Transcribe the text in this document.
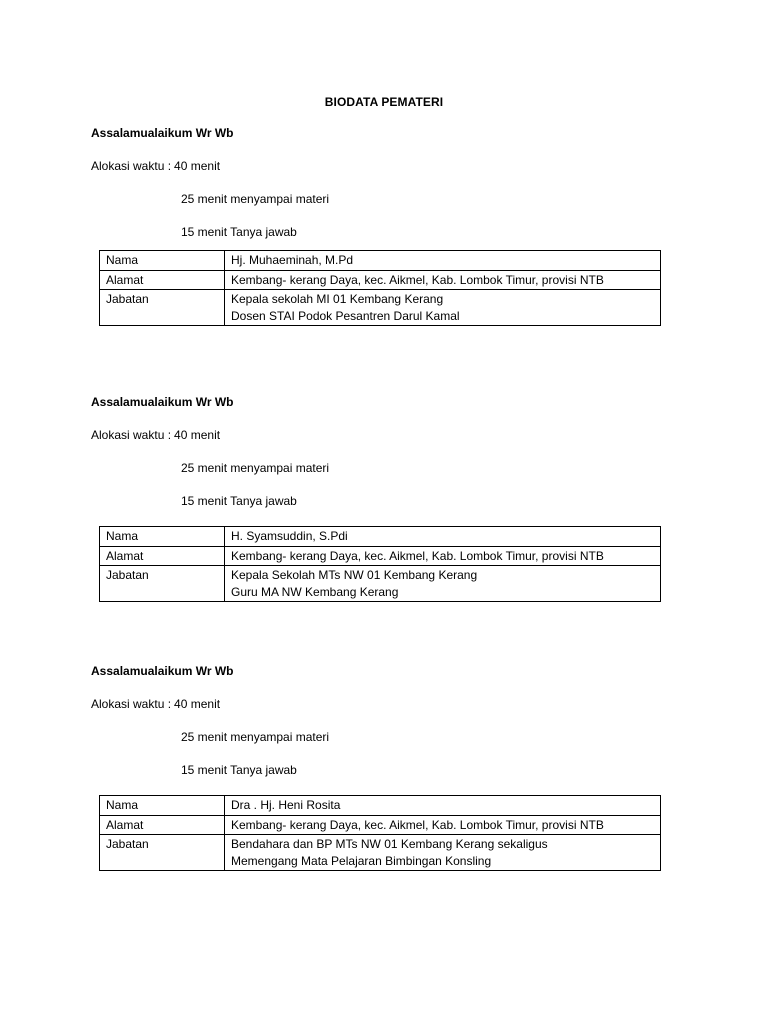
BIODATA PEMATERI
Assalamualaikum Wr Wb
Alokasi waktu : 40 menit
25 menit menyampai materi
15 menit Tanya jawab
Nama	Hj. Muhaeminah, M.Pd
Alamat	Kembang- kerang Daya, kec. Aikmel, Kab. Lombok Timur, provisi NTB
Jabatan	Kepala sekolah MI 01 Kembang Kerang
Dosen STAI Podok Pesantren Darul Kamal
Assalamualaikum Wr Wb
Alokasi waktu : 40 menit
25 menit menyampai materi
15 menit Tanya jawab
Nama	H. Syamsuddin, S.Pdi
Alamat	Kembang- kerang Daya, kec. Aikmel, Kab. Lombok Timur, provisi NTB
Jabatan	Kepala Sekolah MTs NW 01 Kembang Kerang
Guru MA NW Kembang Kerang
Assalamualaikum Wr Wb
Alokasi waktu : 40 menit
25 menit menyampai materi
15 menit Tanya jawab
Nama	Dra . Hj. Heni Rosita
Alamat	Kembang- kerang Daya, kec. Aikmel, Kab. Lombok Timur, provisi NTB
Jabatan	Bendahara dan BP MTs NW 01 Kembang Kerang sekaligus
Memengang Mata Pelajaran Bimbingan Konsling
